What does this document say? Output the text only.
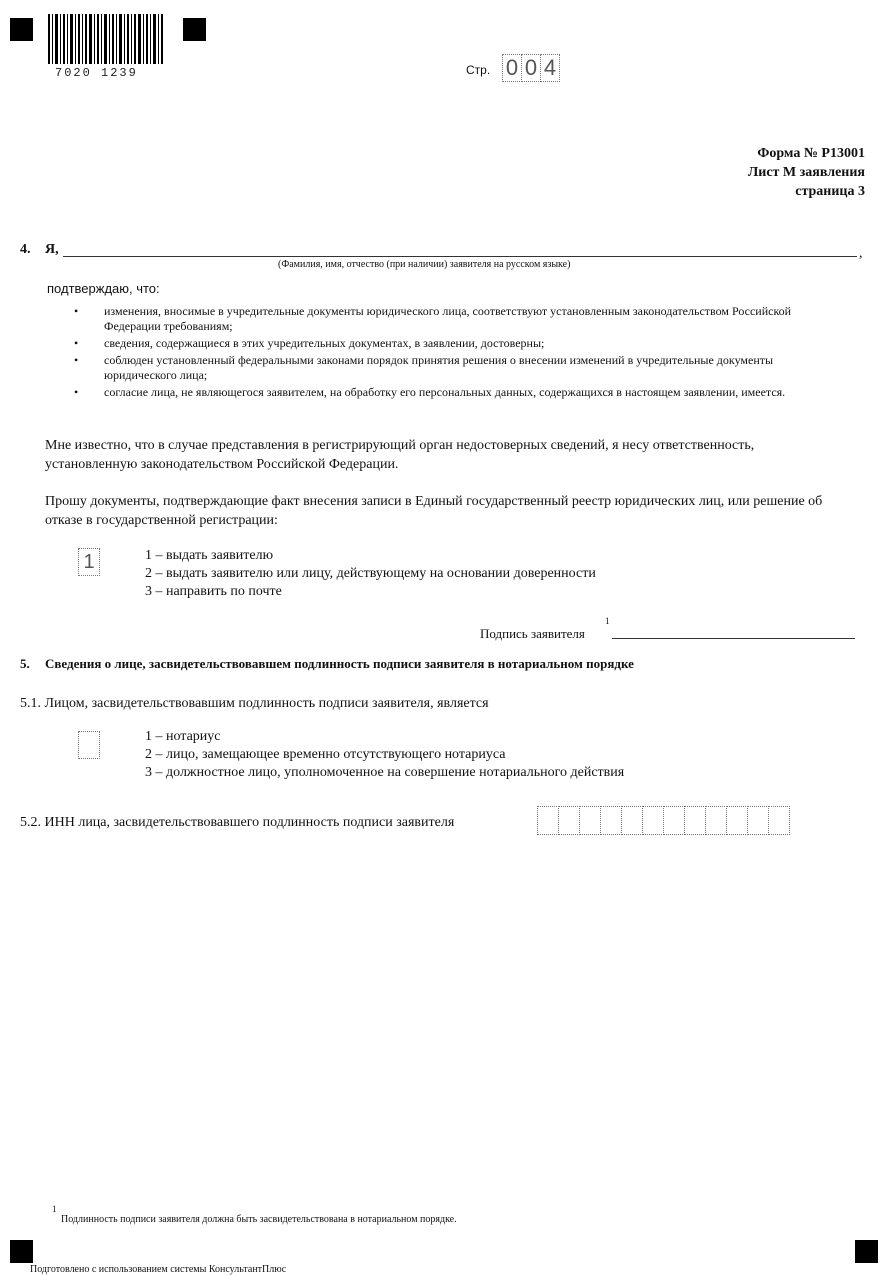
7020 1239	Стр. 0 0 4
Форма № Р13001
Лист М заявления
страница 3
4. Я,	,
(Фамилия, имя, отчество (при наличии) заявителя на русском языке)
подтверждаю, что:
• изменения, вносимые в учредительные документы юридического лица, соответствуют установленным законодательством Российской Федерации требованиям;
• сведения, содержащиеся в этих учредительных документах, в заявлении, достоверны;
• соблюден установленный федеральными законами порядок принятия решения о внесении изменений в учредительные документы юридического лица;
• согласие лица, не являющегося заявителем, на обработку его персональных данных, содержащихся в настоящем заявлении, имеется.
Мне известно, что в случае представления в регистрирующий орган недостоверных сведений, я несу ответственность, установленную законодательством Российской Федерации.
Прошу документы, подтверждающие факт внесения записи в Единый государственный реестр юридических лиц, или решение об отказе в государственной регистрации:
1	1 – выдать заявителю
2 – выдать заявителю или лицу, действующему на основании доверенности
3 – направить по почте
Подпись заявителя
1
5. Сведения о лице, засвидетельствовавшем подлинность подписи заявителя в нотариальном порядке
5.1. Лицом, засвидетельствовавшим подлинность подписи заявителя, является
1 – нотариус
2 – лицо, замещающее временно отсутствующего нотариуса
3 – должностное лицо, уполномоченное на совершение нотариального действия
5.2. ИНН лица, засвидетельствовавшего подлинность подписи заявителя
1
Подлинность подписи заявителя должна быть засвидетельствована в нотариальном порядке.
Подготовлено с использованием системы КонсультантПлюс
